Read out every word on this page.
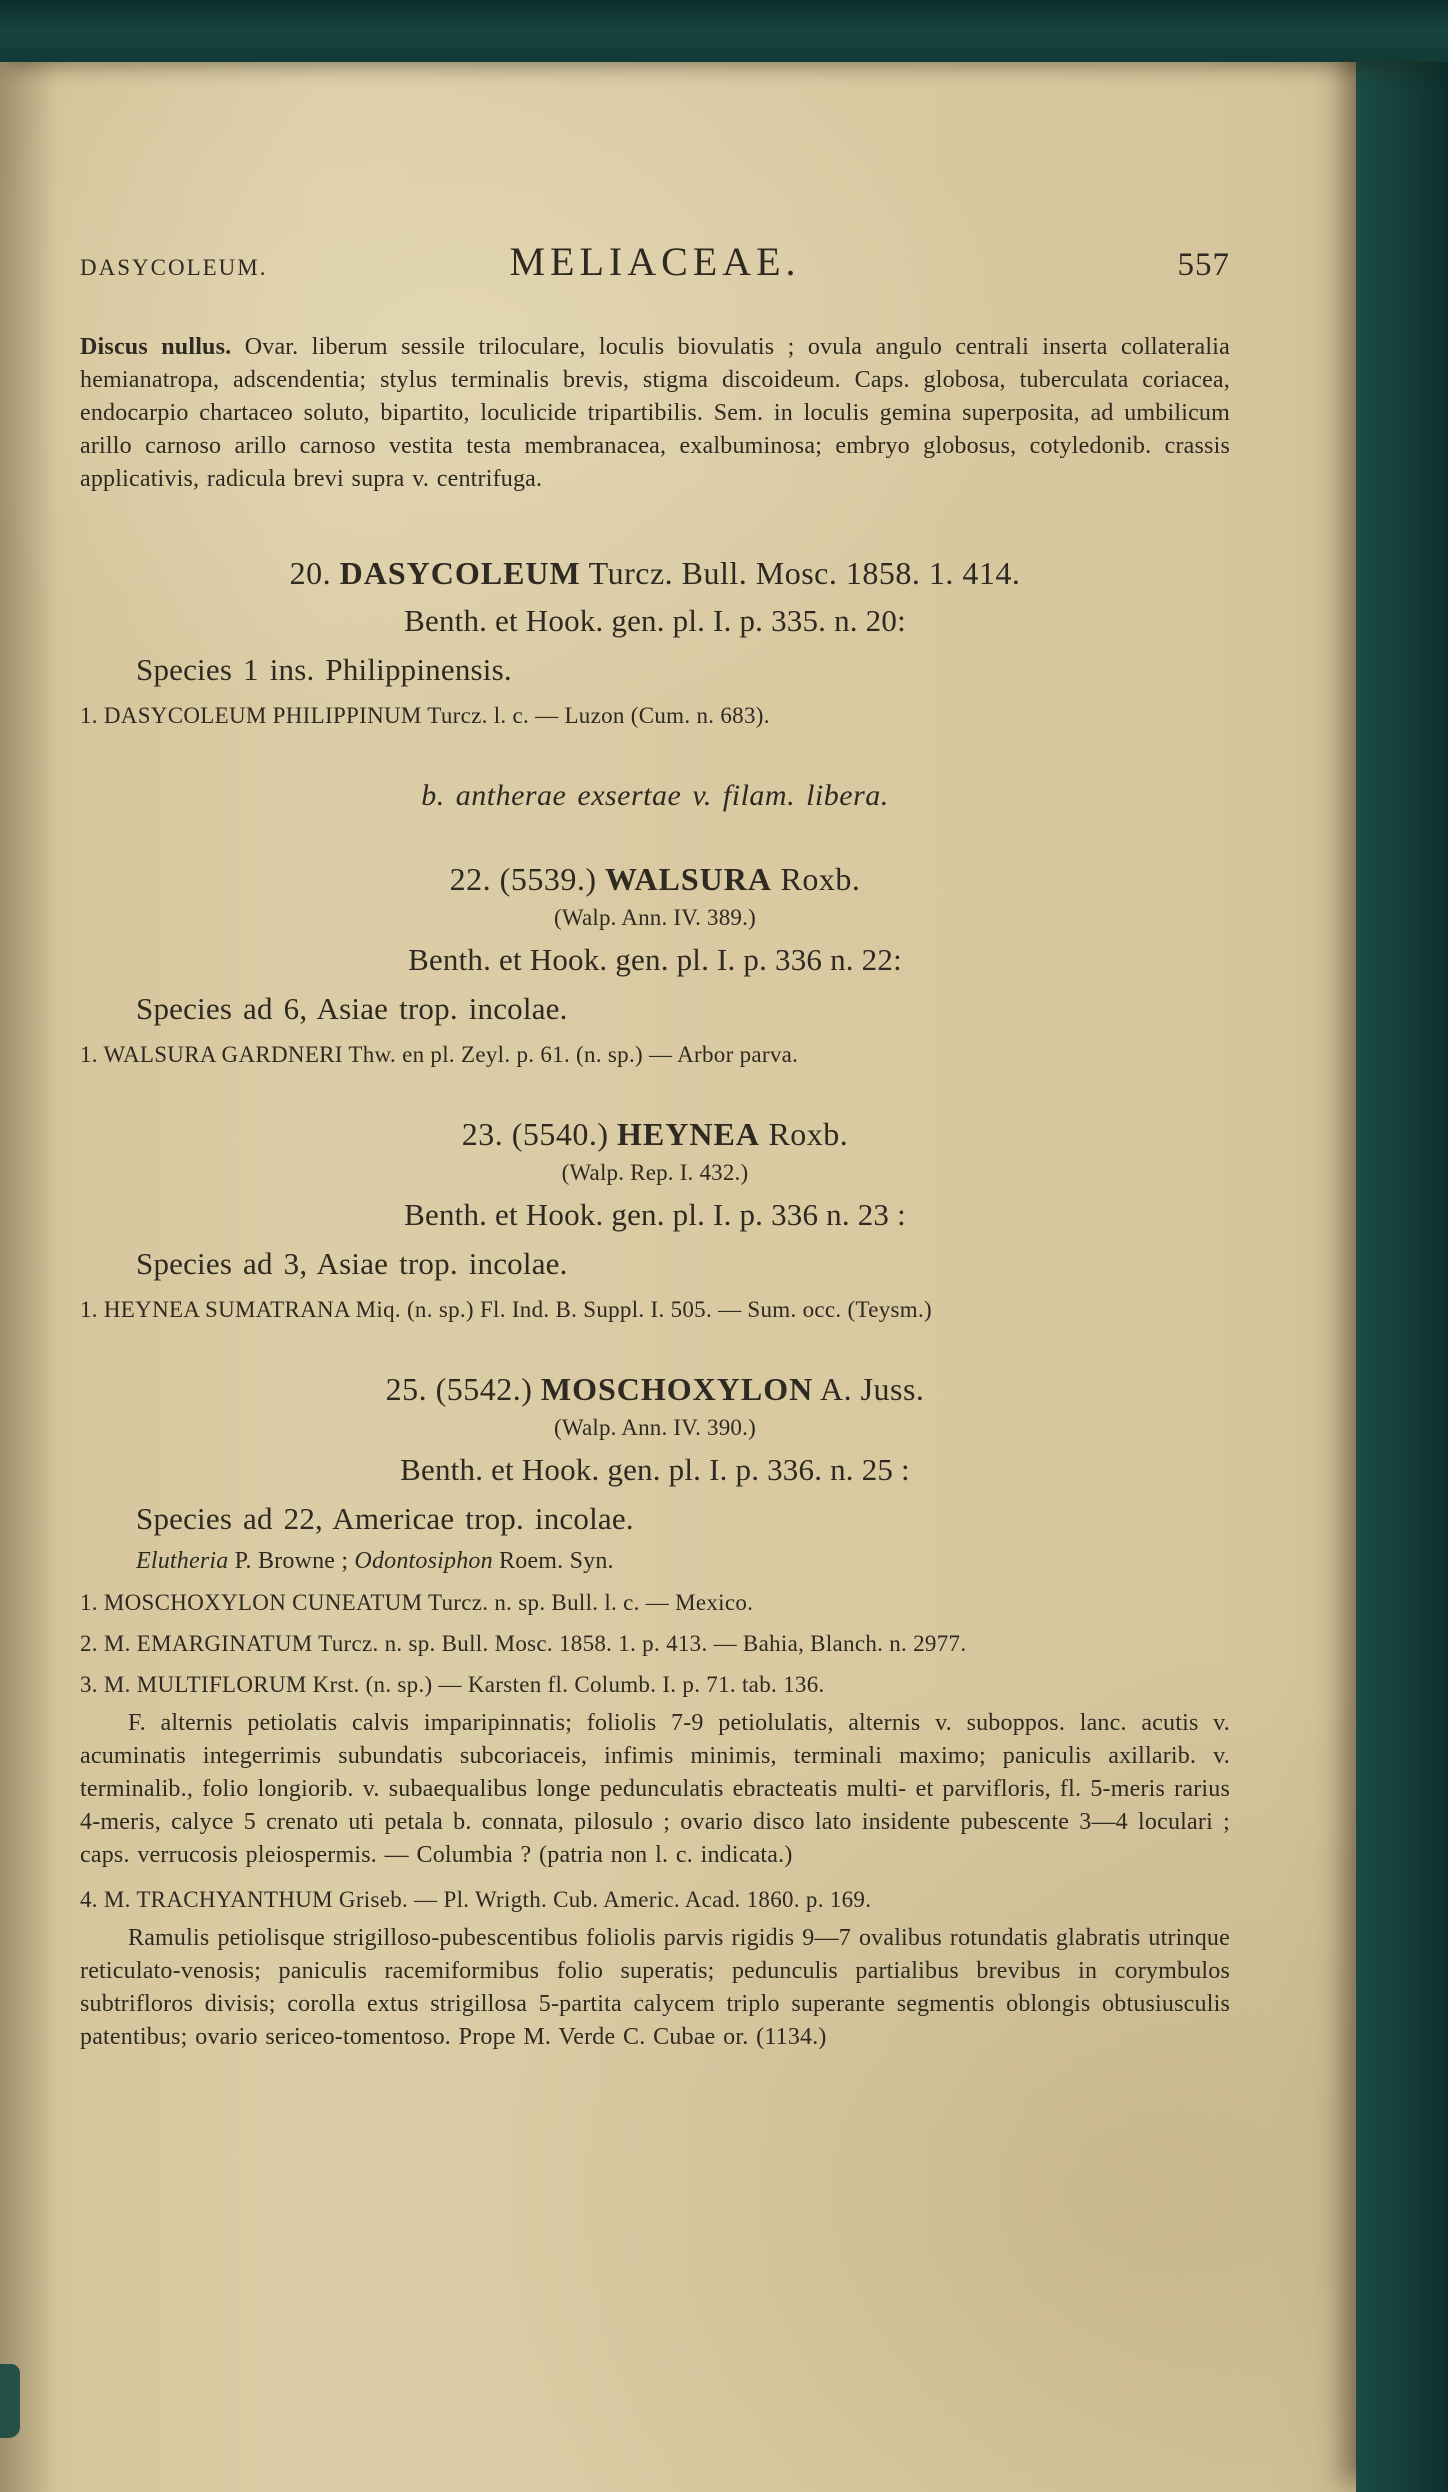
DASYCOLEUM.	MELIACEAE.	557

Discus nullus. Ovar. liberum sessile triloculare, loculis biovulatis ; ovula angulo centrali inserta collateralia hemianatropa, adscendentia; stylus terminalis brevis, stigma discoideum. Caps. globosa, tuberculata coriacea, endocarpio chartaceo soluto, bipartito, loculicide tripartibilis. Sem. in loculis gemina superposita, ad umbilicum arillo carnoso arillo carnoso vestita testa membranacea, exalbuminosa; embryo globosus, cotyledonib. crassis applicativis, radicula brevi supra v. centrifuga.

20. DASYCOLEUM Turcz. Bull. Mosc. 1858. 1. 414.

Benth. et Hook. gen. pl. I. p. 335. n. 20:

Species 1 ins. Philippinensis.

1. DASYCOLEUM PHILIPPINUM Turcz. l. c. — Luzon (Cum. n. 683).

b. antherae exsertae v. filam. libera.

22. (5539.) WALSURA Roxb.

(Walp. Ann. IV. 389.)

Benth. et Hook. gen. pl. I. p. 336 n. 22:

Species ad 6, Asiae trop. incolae.

1. WALSURA GARDNERI Thw. en pl. Zeyl. p. 61. (n. sp.) — Arbor parva.

23. (5540.) HEYNEA Roxb.

(Walp. Rep. I. 432.)

Benth. et Hook. gen. pl. I. p. 336 n. 23 :

Species ad 3, Asiae trop. incolae.

1. HEYNEA SUMATRANA Miq. (n. sp.) Fl. Ind. B. Suppl. I. 505. — Sum. occ. (Teysm.)

25. (5542.) MOSCHOXYLON A. Juss.

(Walp. Ann. IV. 390.)

Benth. et Hook. gen. pl. I. p. 336. n. 25 :

Species ad 22, Americae trop. incolae.

Elutheria P. Browne ; Odontosiphon Roem. Syn.

1. MOSCHOXYLON CUNEATUM Turcz. n. sp. Bull. l. c. — Mexico.

2. M. EMARGINATUM Turcz. n. sp. Bull. Mosc. 1858. 1. p. 413. — Bahia, Blanch. n. 2977.

3. M. MULTIFLORUM Krst. (n. sp.) — Karsten fl. Columb. I. p. 71. tab. 136.

F. alternis petiolatis calvis imparipinnatis; foliolis 7-9 petiolulatis, alternis v. suboppos. lanc. acutis v. acuminatis integerrimis subundatis subcoriaceis, infimis minimis, terminali maximo; paniculis axillarib. v. terminalib., folio longiorib. v. subaequalibus longe pedunculatis ebracteatis multi- et parvifloris, fl. 5-meris rarius 4-meris, calyce 5 crenato uti petala b. connata, pilosulo ; ovario disco lato insidente pubescente 3—4 loculari ; caps. verrucosis pleiospermis. — Columbia ? (patria non l. c. indicata.)

4. M. TRACHYANTHUM Griseb. — Pl. Wrigth. Cub. Americ. Acad. 1860. p. 169.

Ramulis petiolisque strigilloso-pubescentibus foliolis parvis rigidis 9—7 ovalibus rotundatis glabratis utrinque reticulato-venosis; paniculis racemiformibus folio superatis; pedunculis partialibus brevibus in corymbulos subtrifloros divisis; corolla extus strigillosa 5-partita calycem triplo superante segmentis oblongis obtusiusculis patentibus; ovario sericeo-tomentoso. Prope M. Verde C. Cubae or. (1134.)
